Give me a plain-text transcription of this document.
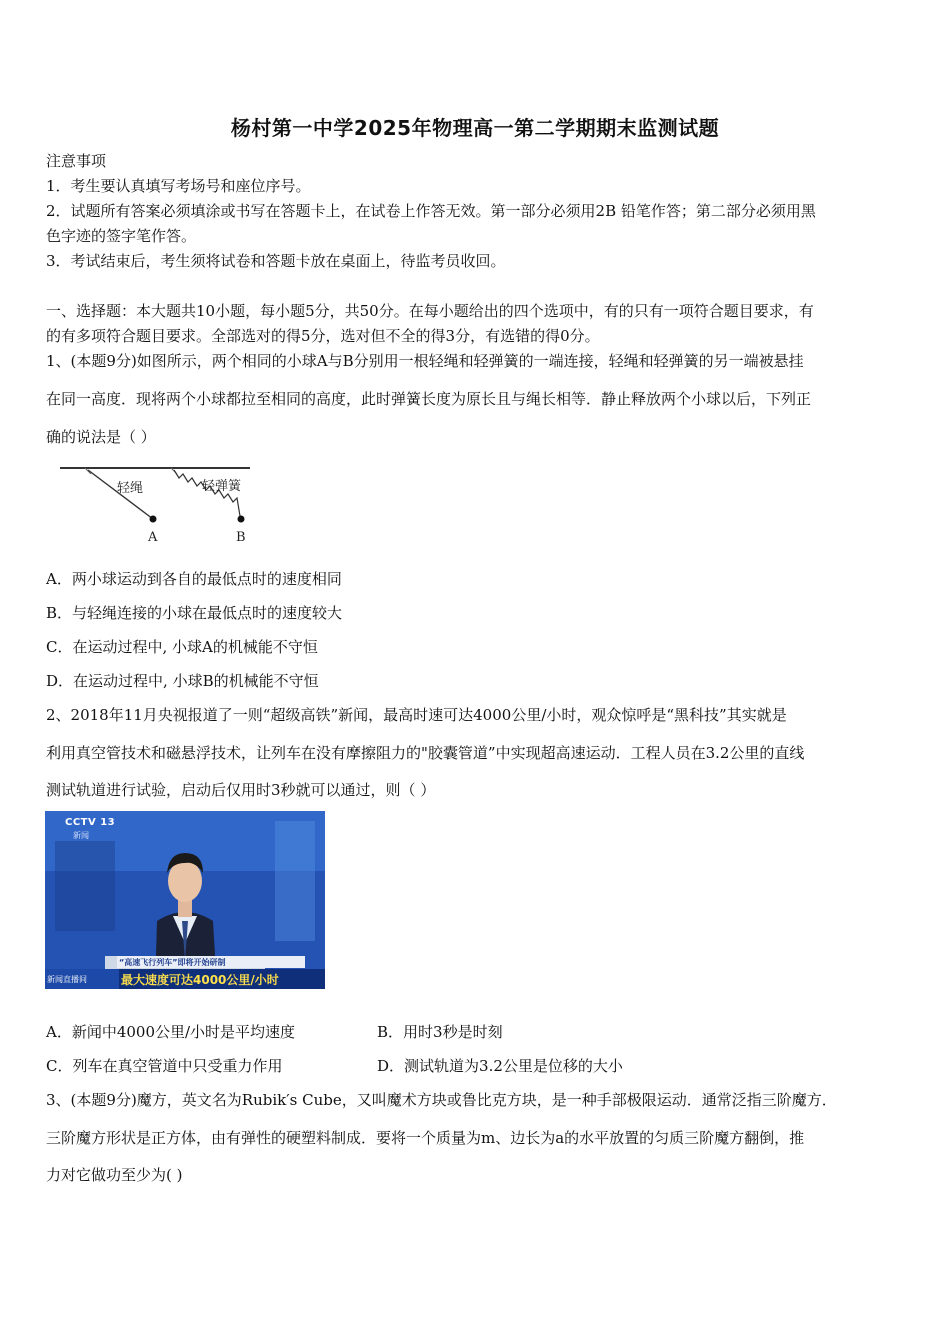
杨村第一中学2025年物理高一第二学期期末监测试题
注意事项
1．考生要认真填写考场号和座位序号。
2．试题所有答案必须填涂或书写在答题卡上，在试卷上作答无效。第一部分必须用2B 铅笔作答；第二部分必须用黑
色字迹的签字笔作答。
3．考试结束后，考生须将试卷和答题卡放在桌面上，待监考员收回。
一、选择题：本大题共10小题，每小题5分，共50分。在每小题给出的四个选项中，有的只有一项符合题目要求，有
的有多项符合题目要求。全部选对的得5分，选对但不全的得3分，有选错的得0分。
1、(本题9分)如图所示，两个相同的小球A与B分别用一根轻绳和轻弹簧的一端连接，轻绳和轻弹簧的另一端被悬挂
在同一高度．现将两个小球都拉至相同的高度，此时弹簧长度为原长且与绳长相等．静止释放两个小球以后，下列正
确的说法是（ ）
轻绳	轻弹簧
A	B
A．两小球运动到各自的最低点时的速度相同
B．与轻绳连接的小球在最低点时的速度较大
C．在运动过程中, 小球A的机械能不守恒
D．在运动过程中, 小球B的机械能不守恒
2、2018年11月央视报道了一则“超级高铁”新闻，最高时速可达4000公里/小时，观众惊呼是“黑科技”其实就是
利用真空管技术和磁悬浮技术，让列车在没有摩擦阻力的"胶囊管道”中实现超高速运动．工程人员在3.2公里的直线
测试轨道进行试验，启动后仅用时3秒就可以通过，则（ ）
CCTV 13
新闻
“高速飞行列车”即将开始研制
新闻直播间	最大速度可达4000公里/小时
A．新闻中4000公里/小时是平均速度	B．用时3秒是时刻
C．列车在真空管道中只受重力作用	D．测试轨道为3.2公里是位移的大小
3、(本题9分)魔方，英文名为Rubik′s Cube，又叫魔术方块或鲁比克方块，是一种手部极限运动．通常泛指三阶魔方．
三阶魔方形状是正方体，由有弹性的硬塑料制成．要将一个质量为m、边长为a的水平放置的匀质三阶魔方翻倒，推
力对它做功至少为( )
